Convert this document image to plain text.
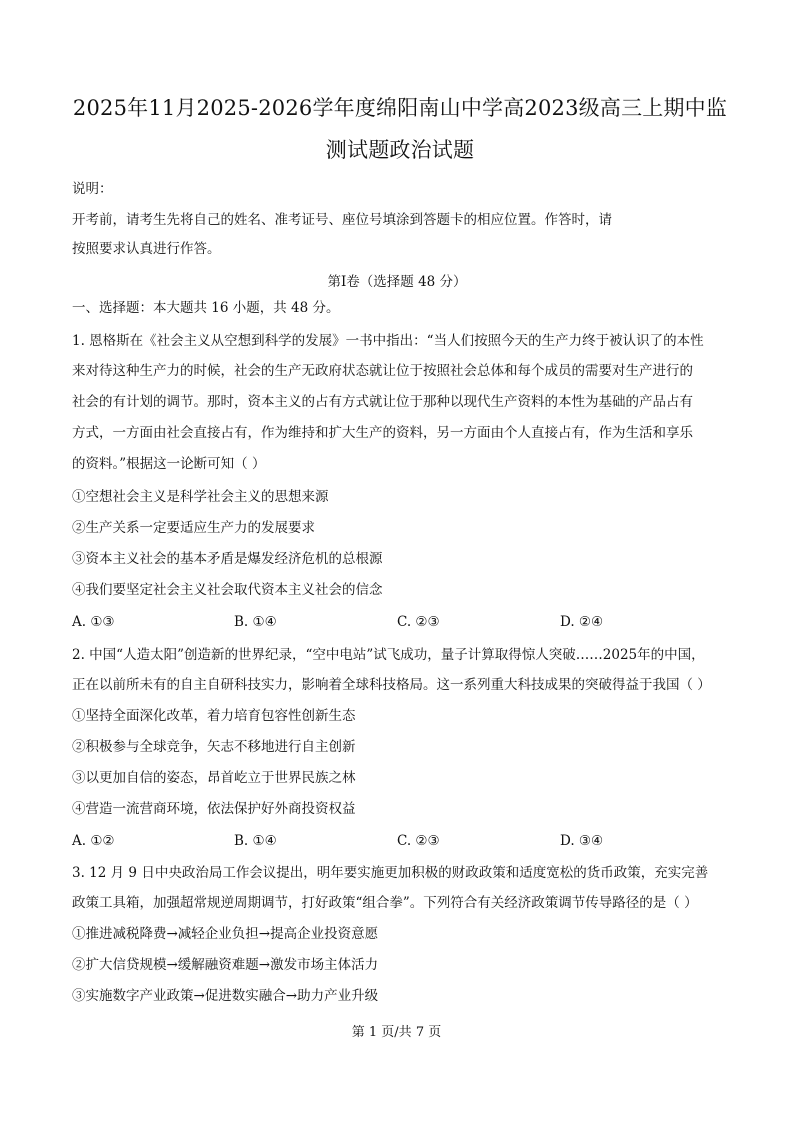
2025年11月2025-2026学年度绵阳南山中学高2023级高三上期中监
测试题政治试题
说明：
开考前，请考生先将自己的姓名、准考证号、座位号填涂到答题卡的相应位置。作答时，请
按照要求认真进行作答。
第Ⅰ卷（选择题 48 分）
一、选择题：本大题共 16 小题，共 48 分。
1. 恩格斯在《社会主义从空想到科学的发展》一书中指出：“当人们按照今天的生产力终于被认识了的本性
来对待这种生产力的时候，社会的生产无政府状态就让位于按照社会总体和每个成员的需要对生产进行的
社会的有计划的调节。那时，资本主义的占有方式就让位于那种以现代生产资料的本性为基础的产品占有
方式，一方面由社会直接占有，作为维持和扩大生产的资料，另一方面由个人直接占有，作为生活和享乐
的资料。”根据这一论断可知（ ）
①空想社会主义是科学社会主义的思想来源
②生产关系一定要适应生产力的发展要求
③资本主义社会的基本矛盾是爆发经济危机的总根源
④我们要坚定社会主义社会取代资本主义社会的信念
A. ①③	B. ①④	C. ②③	D. ②④
2. 中国“人造太阳”创造新的世界纪录，“空中电站”试飞成功，量子计算取得惊人突破……2025年的中国，
正在以前所未有的自主自研科技实力，影响着全球科技格局。这一系列重大科技成果的突破得益于我国（ ）
①坚持全面深化改革，着力培育包容性创新生态
②积极参与全球竞争，矢志不移地进行自主创新
③以更加自信的姿态，昂首屹立于世界民族之林
④营造一流营商环境，依法保护好外商投资权益
A. ①②	B. ①④	C. ②③	D. ③④
3. 12 月 9 日中央政治局工作会议提出，明年要实施更加积极的财政政策和适度宽松的货币政策，充实完善
政策工具箱，加强超常规逆周期调节，打好政策“组合拳”。下列符合有关经济政策调节传导路径的是（ ）
①推进减税降费→减轻企业负担→提高企业投资意愿
②扩大信贷规模→缓解融资难题→激发市场主体活力
③实施数字产业政策→促进数实融合→助力产业升级
第 1 页/共 7 页
